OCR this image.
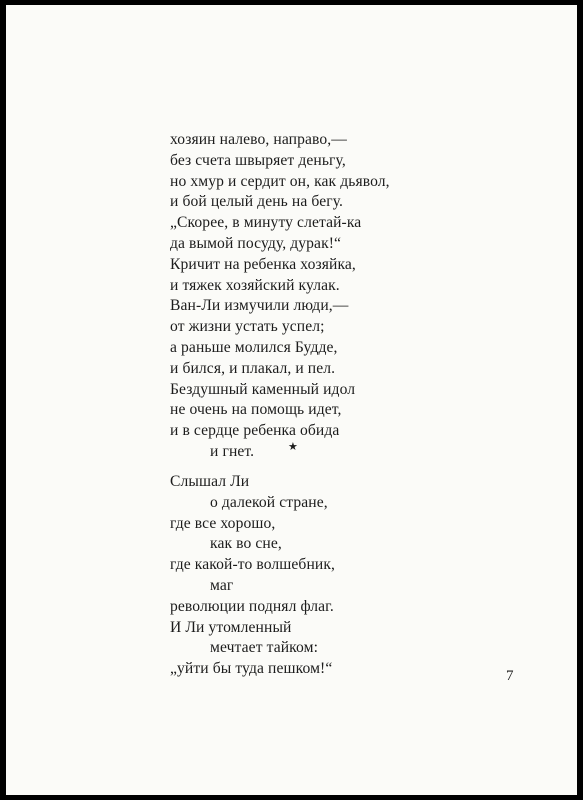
хозяин налево, направо,—
без счета швыряет деньгу,
но хмур и сердит он, как дьявол,
и бой целый день на бегу.
„Скорее, в минуту слетай-ка
да вымой посуду, дурак!“
Кричит на ребенка хозяйка,
и тяжек хозяйский кулак.
Ван-Ли измучили люди,—
от жизни устать успел;
а раньше молился Будде,
и бился, и плакал, и пел.
Бездушный каменный идол
не очень на помощь идет,
и в сердце ребенка обида
и гнет.	★
Слышал Ли
о далекой стране,
где все хорошо,
как во сне,
где какой-то волшебник,
маг
революции поднял флаг.
И Ли утомленный
мечтает тайком:
„уйти бы туда пешком!“	7
